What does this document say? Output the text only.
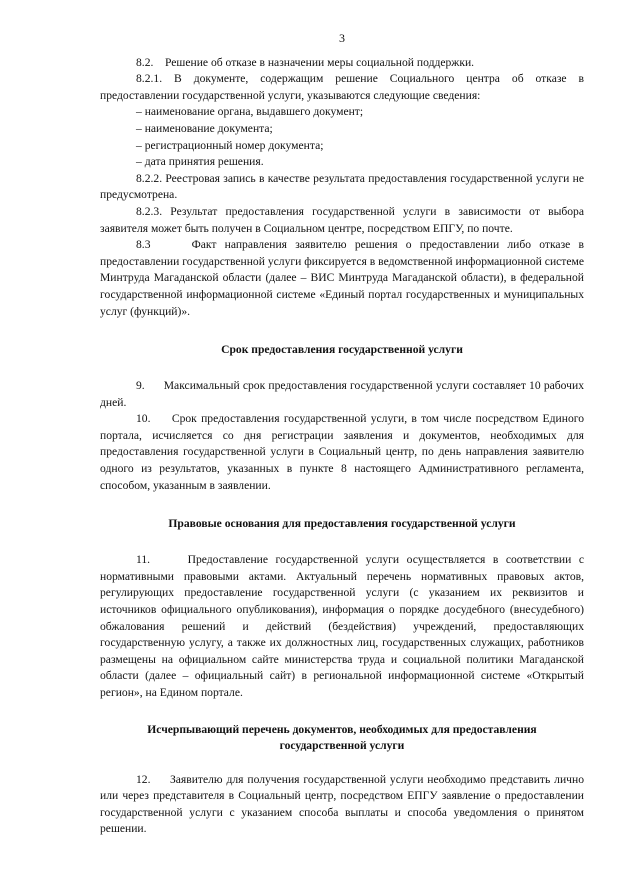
3

8.2.    Решение об отказе в назначении меры социальной поддержки.

8.2.1. В документе, содержащим решение Социального центра об отказе в предоставлении государственной услуги, указываются следующие сведения:

– наименование органа, выдавшего документ;

– наименование документа;

– регистрационный номер документа;

– дата принятия решения.

8.2.2. Реестровая запись в качестве результата предоставления государственной услуги не предусмотрена.

8.2.3. Результат предоставления государственной услуги в зависимости от выбора заявителя может быть получен в Социальном центре, посредством ЕПГУ, по почте.

8.3     Факт направления заявителю решения о предоставлении либо отказе в предоставлении государственной услуги фиксируется в ведомственной информационной системе Минтруда Магаданской области (далее – ВИС Минтруда Магаданской области), в федеральной государственной информационной системе «Единый портал государственных и муниципальных услуг (функций)».

Срок предоставления государственной услуги

9.      Максимальный срок предоставления государственной услуги составляет 10 рабочих дней.

10.     Срок предоставления государственной услуги, в том числе посредством Единого портала, исчисляется со дня регистрации заявления и документов, необходимых для предоставления государственной услуги в Социальный центр, по день направления заявителю одного из результатов, указанных в пункте 8 настоящего Административного регламента, способом, указанным в заявлении.

Правовые основания для предоставления государственной услуги

11.     Предоставление государственной услуги осуществляется в соответствии с нормативными правовыми актами. Актуальный перечень нормативных правовых актов, регулирующих предоставление государственной услуги (с указанием их реквизитов и источников официального опубликования), информация о порядке досудебного (внесудебного) обжалования решений и действий (бездействия) учреждений, предоставляющих государственную услугу, а также их должностных лиц, государственных служащих, работников размещены на официальном сайте министерства труда и социальной политики Магаданской области (далее – официальный сайт) в региональной информационной системе «Открытый регион», на Едином портале.

Исчерпывающий перечень документов, необходимых для предоставления
государственной услуги

12.     Заявителю для получения государственной услуги необходимо представить лично или через представителя в Социальный центр, посредством ЕПГУ заявление о предоставлении государственной услуги с указанием способа выплаты и способа уведомления о принятом решении.
